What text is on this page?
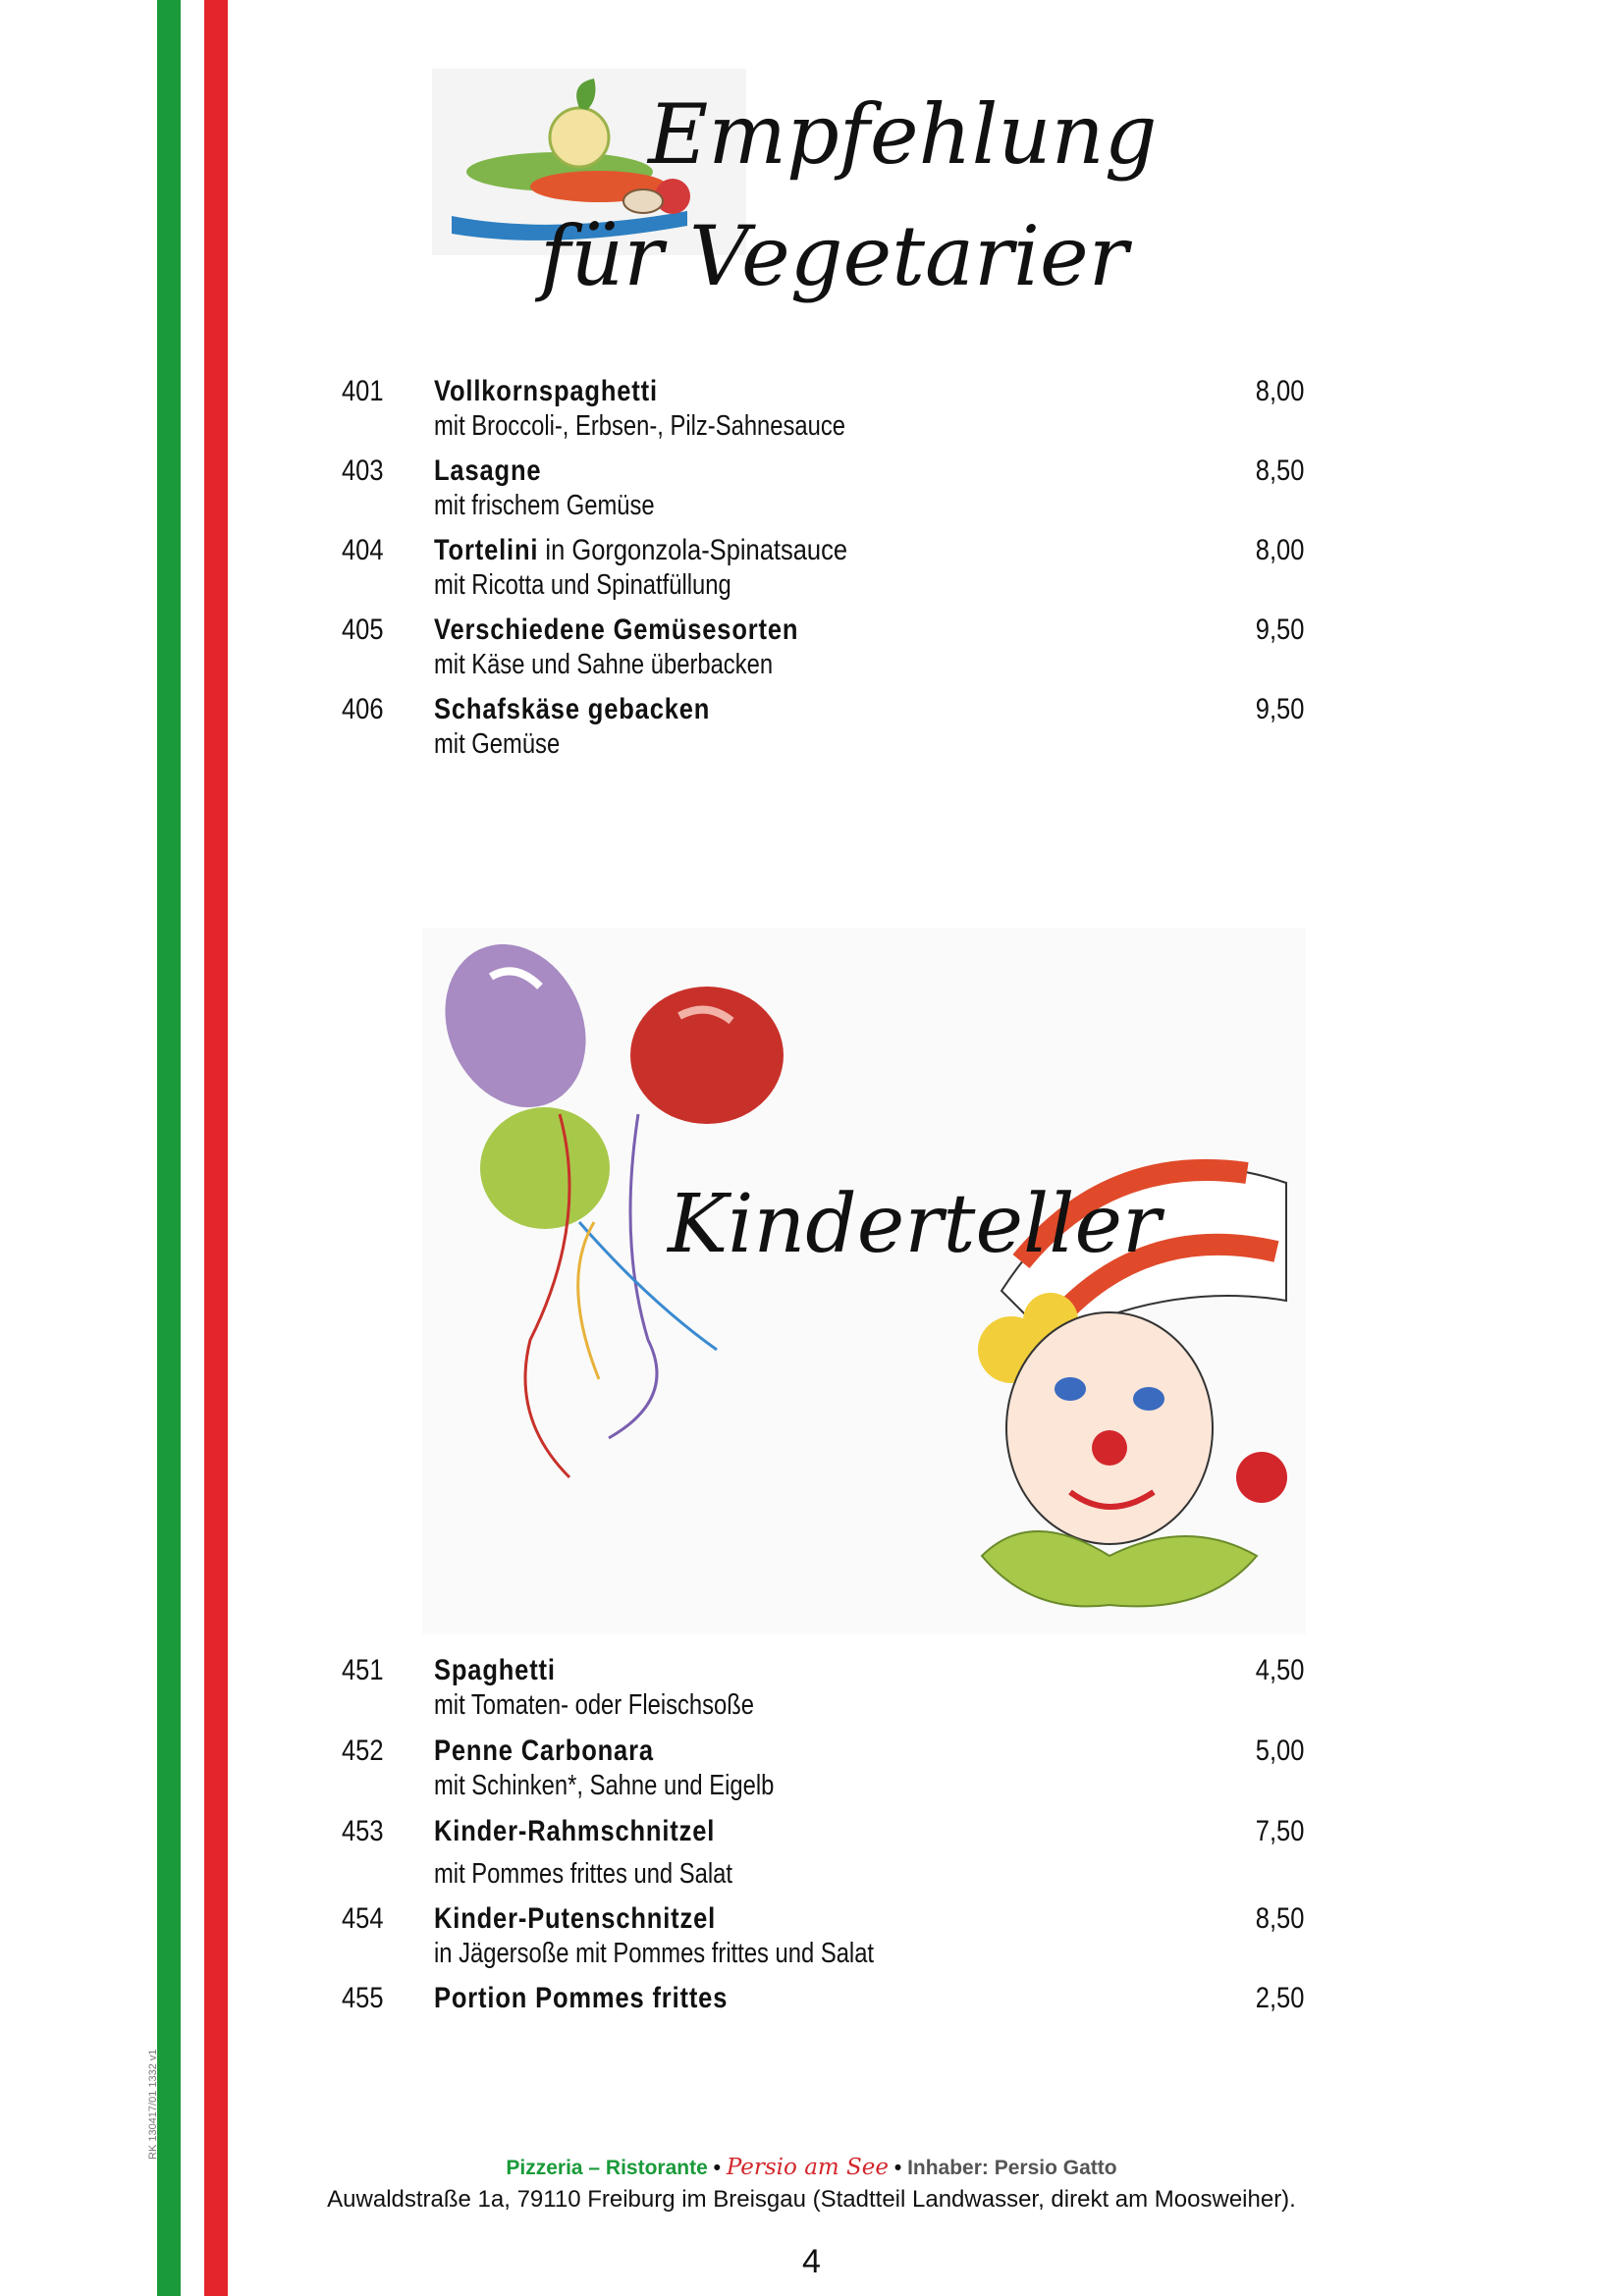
RK 130417/01 1332 v1
Empfehlung
für Vegetarier
401 Vollkornspaghetti
mit Broccoli-, Erbsen-, Pilz-Sahnesauce
8,00
403 Lasagne
mit frischem Gemüse
8,50
404 Tortelini in Gorgonzola-Spinatsauce
mit Ricotta und Spinatfüllung
8,00
405 Verschiedene Gemüsesorten
mit Käse und Sahne überbacken
9,50
406 Schafskäse gebacken
mit Gemüse
9,50
Kinderteller
451 Spaghetti
mit Tomaten- oder Fleischsoße
4,50
452 Penne Carbonara
mit Schinken*, Sahne und Eigelb
5,00
453 Kinder-Rahmschnitzel
mit Pommes frittes und Salat
7,50
454 Kinder-Putenschnitzel
in Jägersoße mit Pommes frittes und Salat
8,50
455 Portion Pommes frittes	2,50
Pizzeria – Ristorante • Persio am See • Inhaber: Persio Gatto
Auwaldstraße 1a, 79110 Freiburg im Breisgau (Stadtteil Landwasser, direkt am Moosweiher).
4
